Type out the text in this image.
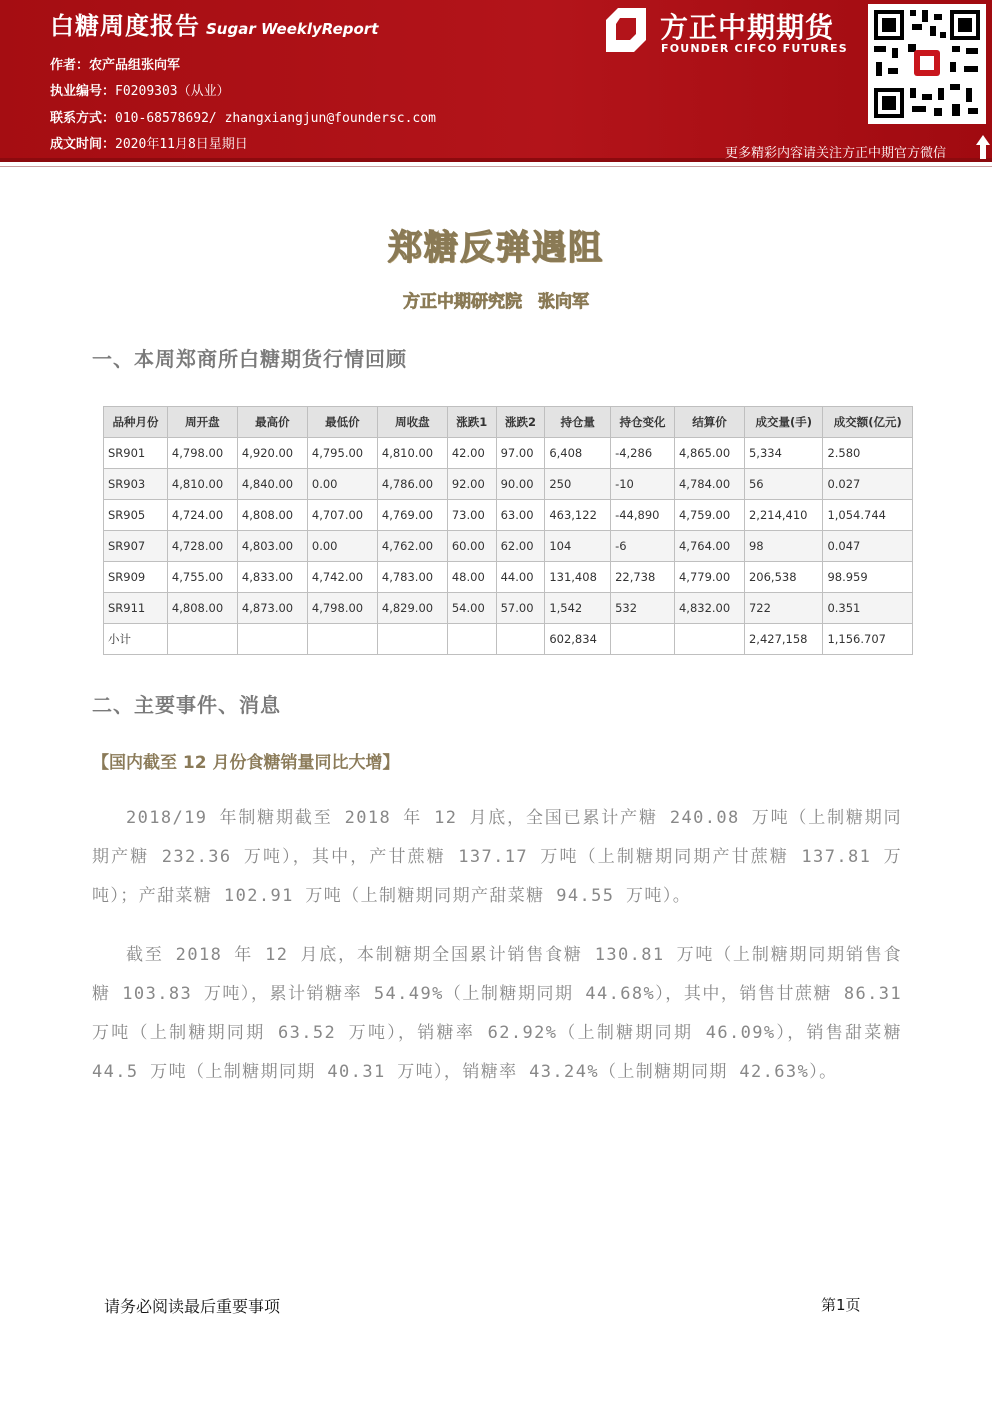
白糖周度报告 Sugar WeeklyReport
作者：农产品组张向军
执业编号：F0209303（从业）
联系方式：010-68578692/ zhangxiangjun@foundersc.com
成文时间：2020年11月8日星期日
方正中期期货
FOUNDER CIFCO FUTURES
更多精彩内容请关注方正中期官方微信
郑糖反弹遇阻
方正中期研究院 张向军
一、本周郑商所白糖期货行情回顾
品种月份	周开盘	最高价	最低价	周收盘	涨跌1	涨跌2	持仓量	持仓变化	结算价	成交量(手)	成交额(亿元)
SR901	4,798.00	4,920.00	4,795.00	4,810.00	42.00	97.00	6,408	-4,286	4,865.00	5,334	2.580
SR903	4,810.00	4,840.00	0.00	4,786.00	92.00	90.00	250	-10	4,784.00	56	0.027
SR905	4,724.00	4,808.00	4,707.00	4,769.00	73.00	63.00	463,122	-44,890	4,759.00	2,214,410	1,054.744
SR907	4,728.00	4,803.00	0.00	4,762.00	60.00	62.00	104	-6	4,764.00	98	0.047
SR909	4,755.00	4,833.00	4,742.00	4,783.00	48.00	44.00	131,408	22,738	4,779.00	206,538	98.959
SR911	4,808.00	4,873.00	4,798.00	4,829.00	54.00	57.00	1,542	532	4,832.00	722	0.351
小计							602,834			2,427,158	1,156.707
二、主要事件、消息
【国内截至 12 月份食糖销量同比大增】
2018/19 年制糖期截至 2018 年 12 月底，全国已累计产糖 240.08 万吨（上制糖期同期产糖 232.36 万吨），其中，产甘蔗糖 137.17 万吨（上制糖期同期产甘蔗糖 137.81 万吨）；产甜菜糖 102.91 万吨（上制糖期同期产甜菜糖 94.55 万吨）。
截至 2018 年 12 月底，本制糖期全国累计销售食糖 130.81 万吨（上制糖期同期销售食糖 103.83 万吨），累计销糖率 54.49%（上制糖期同期 44.68%），其中，销售甘蔗糖 86.31 万吨（上制糖期同期 63.52 万吨），销糖率 62.92%（上制糖期同期 46.09%），销售甜菜糖 44.5 万吨（上制糖期同期 40.31 万吨），销糖率 43.24%（上制糖期同期 42.63%）。
请务必阅读最后重要事项	第1页
